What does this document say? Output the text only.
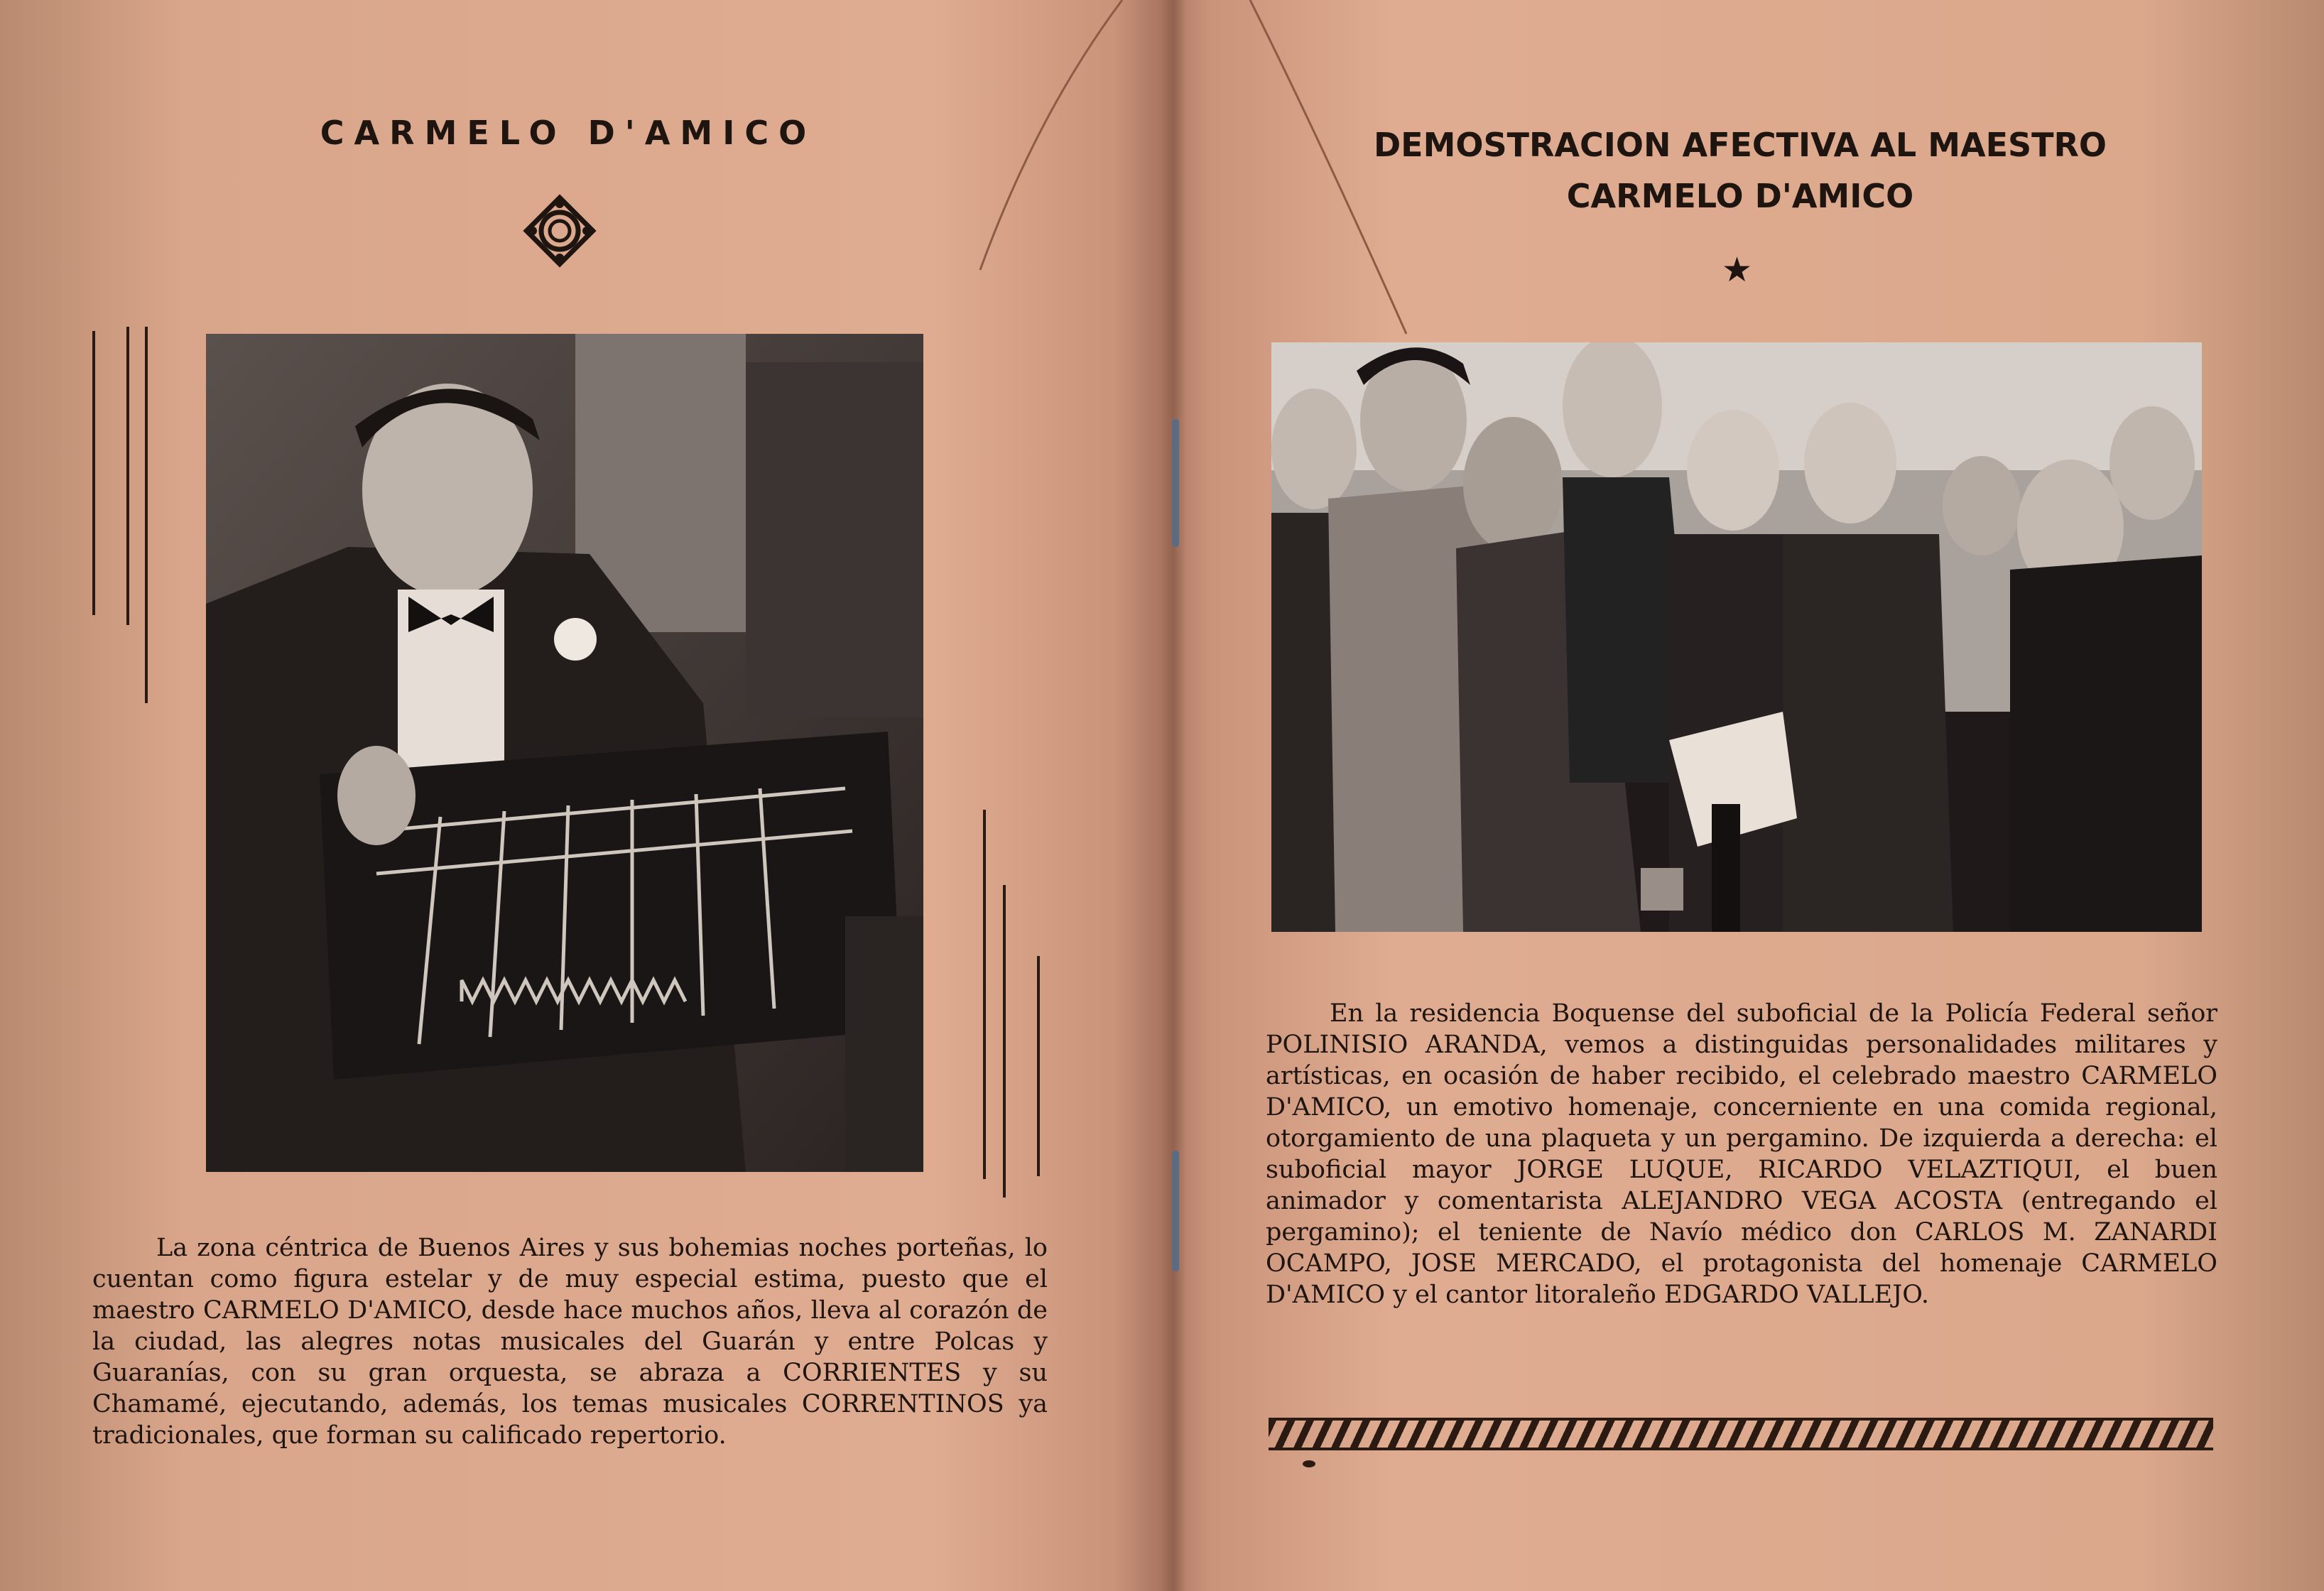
CARMELO D'AMICO

La zona céntrica de Buenos Aires y sus bohemias noches porteñas, lo cuentan como figura estelar y de muy especial estima, puesto que el maestro CARMELO D'AMICO, desde hace muchos años, lleva al corazón de la ciudad, las alegres notas musicales del Guarán y entre Polcas y Guaranías, con su gran orquesta, se abraza a CORRIENTES y su Chamamé, ejecutando, además, los temas musicales CORRENTINOS ya tradicionales, que forman su calificado repertorio.

DEMOSTRACION AFECTIVA AL MAESTRO
CARMELO D'AMICO
★

En la residencia Boquense del suboficial de la Policía Federal señor POLINISIO ARANDA, vemos a distinguidas personalidades militares y artísticas, en ocasión de haber recibido, el celebrado maestro CARMELO D'AMICO, un emotivo homenaje, concerniente en una comida regional, otorgamiento de una plaqueta y un pergamino. De izquierda a derecha: el suboficial mayor JORGE LUQUE, RICARDO VELAZTIQUI, el buen animador y comentarista ALEJANDRO VEGA ACOSTA (entregando el pergamino); el teniente de Navío médico don CARLOS M. ZANARDI OCAMPO, JOSE MERCADO, el protagonista del homenaje CARMELO D'AMICO y el cantor litoraleño EDGARDO VALLEJO.
